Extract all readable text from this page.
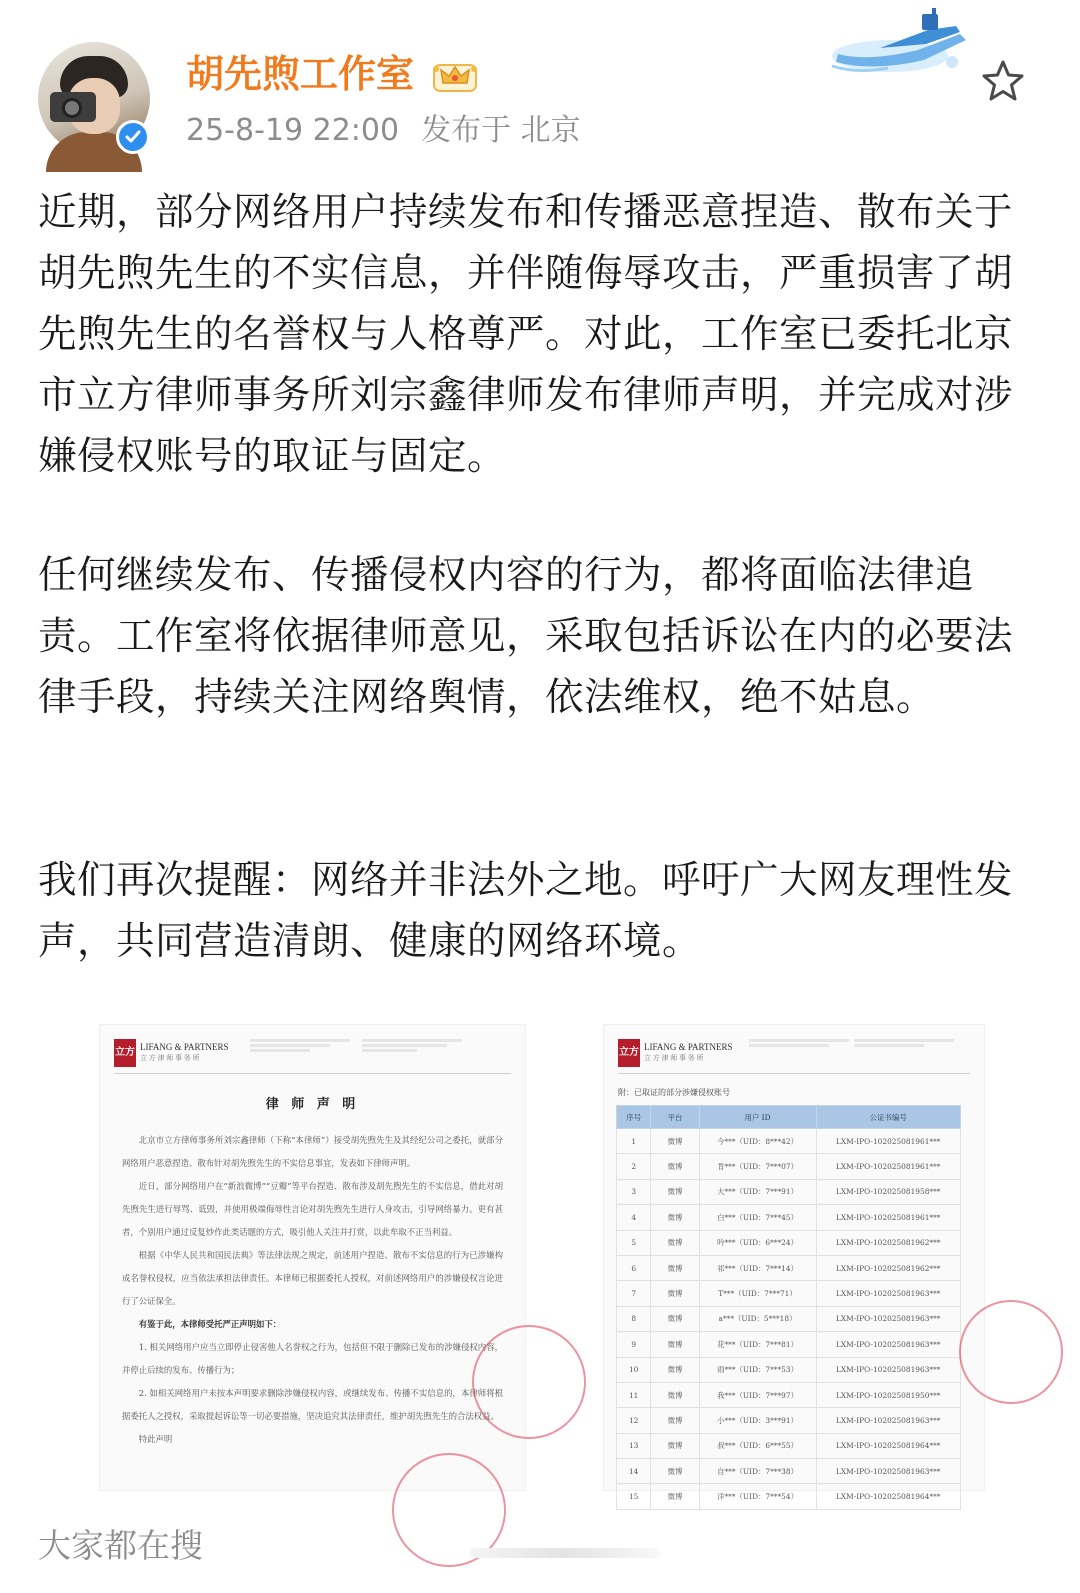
胡先煦工作室
25-8-19 22:00 发布于 北京
近期，部分网络用户持续发布和传播恶意捏造、散布关于胡先煦先生的不实信息，并伴随侮辱攻击，严重损害了胡先煦先生的名誉权与人格尊严。对此，工作室已委托北京市立方律师事务所刘宗鑫律师发布律师声明，并完成对涉嫌侵权账号的取证与固定。
任何继续发布、传播侵权内容的行为，都将面临法律追责。工作室将依据律师意见，采取包括诉讼在内的必要法律手段，持续关注网络舆情，依法维权，绝不姑息。
我们再次提醒：网络并非法外之地。呼吁广大网友理性发声，共同营造清朗、健康的网络环境。
立方 LIFANG & PARTNERS
立 方 律 师 事 务 所
律 师 声 明

北京市立方律师事务所刘宗鑫律师（下称“本律师”）接受胡先煦先生及其经纪公司之委托，就部分网络用户恶意捏造、散布针对胡先煦先生的不实信息事宜，发表如下律师声明。

近日，部分网络用户在“新浪微博”“豆瓣”等平台捏造、散布涉及胡先煦先生的不实信息，借此对胡先煦先生进行辱骂、诋毁，并使用极端侮辱性言论对胡先煦先生进行人身攻击，引导网络暴力。更有甚者，个别用户通过反复炒作此类话题的方式，吸引他人关注并打赏，以此牟取不正当利益。

根据《中华人民共和国民法典》等法律法规之规定，前述用户捏造、散布不实信息的行为已涉嫌构成名誉权侵权，应当依法承担法律责任。本律师已根据委托人授权，对前述网络用户的涉嫌侵权言论进行了公证保全。

有鉴于此，本律师受托严正声明如下：

1. 相关网络用户应当立即停止侵害他人名誉权之行为，包括但不限于删除已发布的涉嫌侵权内容，并停止后续的发布、传播行为；

2. 如相关网络用户未按本声明要求删除涉嫌侵权内容，或继续发布、传播不实信息的，本律师将根据委托人之授权，采取提起诉讼等一切必要措施，坚决追究其法律责任，维护胡先煦先生的合法权益。

特此声明

立方 LIFANG & PARTNERS
立 方 律 师 事 务 所
附：已取证的部分涉嫌侵权账号
序号	平台	用户 ID	公证书编号
1	微博	今***（UID：8***42）	LXM-IPO-102025081961***
2	微博	肯***（UID：7***07）	LXM-IPO-102025081961***
3	微博	大***（UID：7***91）	LXM-IPO-102025081958***
4	微博	白***（UID：7***45）	LXM-IPO-102025081961***
5	微博	吟***（UID：6***24）	LXM-IPO-102025081962***
6	微博	祁***（UID：7***14）	LXM-IPO-102025081962***
7	微博	T***（UID：7***71）	LXM-IPO-102025081963***
8	微博	a***（UID：5***18）	LXM-IPO-102025081963***
9	微博	花***（UID：7***81）	LXM-IPO-102025081963***
10	微博	雨***（UID：7***53）	LXM-IPO-102025081963***
11	微博	我***（UID：7***97）	LXM-IPO-102025081950***
12	微博	小***（UID：3***91）	LXM-IPO-102025081963***
13	微博	叔***（UID：6***55）	LXM-IPO-102025081964***
14	微博	自***（UID：7***38）	LXM-IPO-102025081963***
15	微博	洋***（UID：7***54）	LXM-IPO-102025081964***
大家都在搜
